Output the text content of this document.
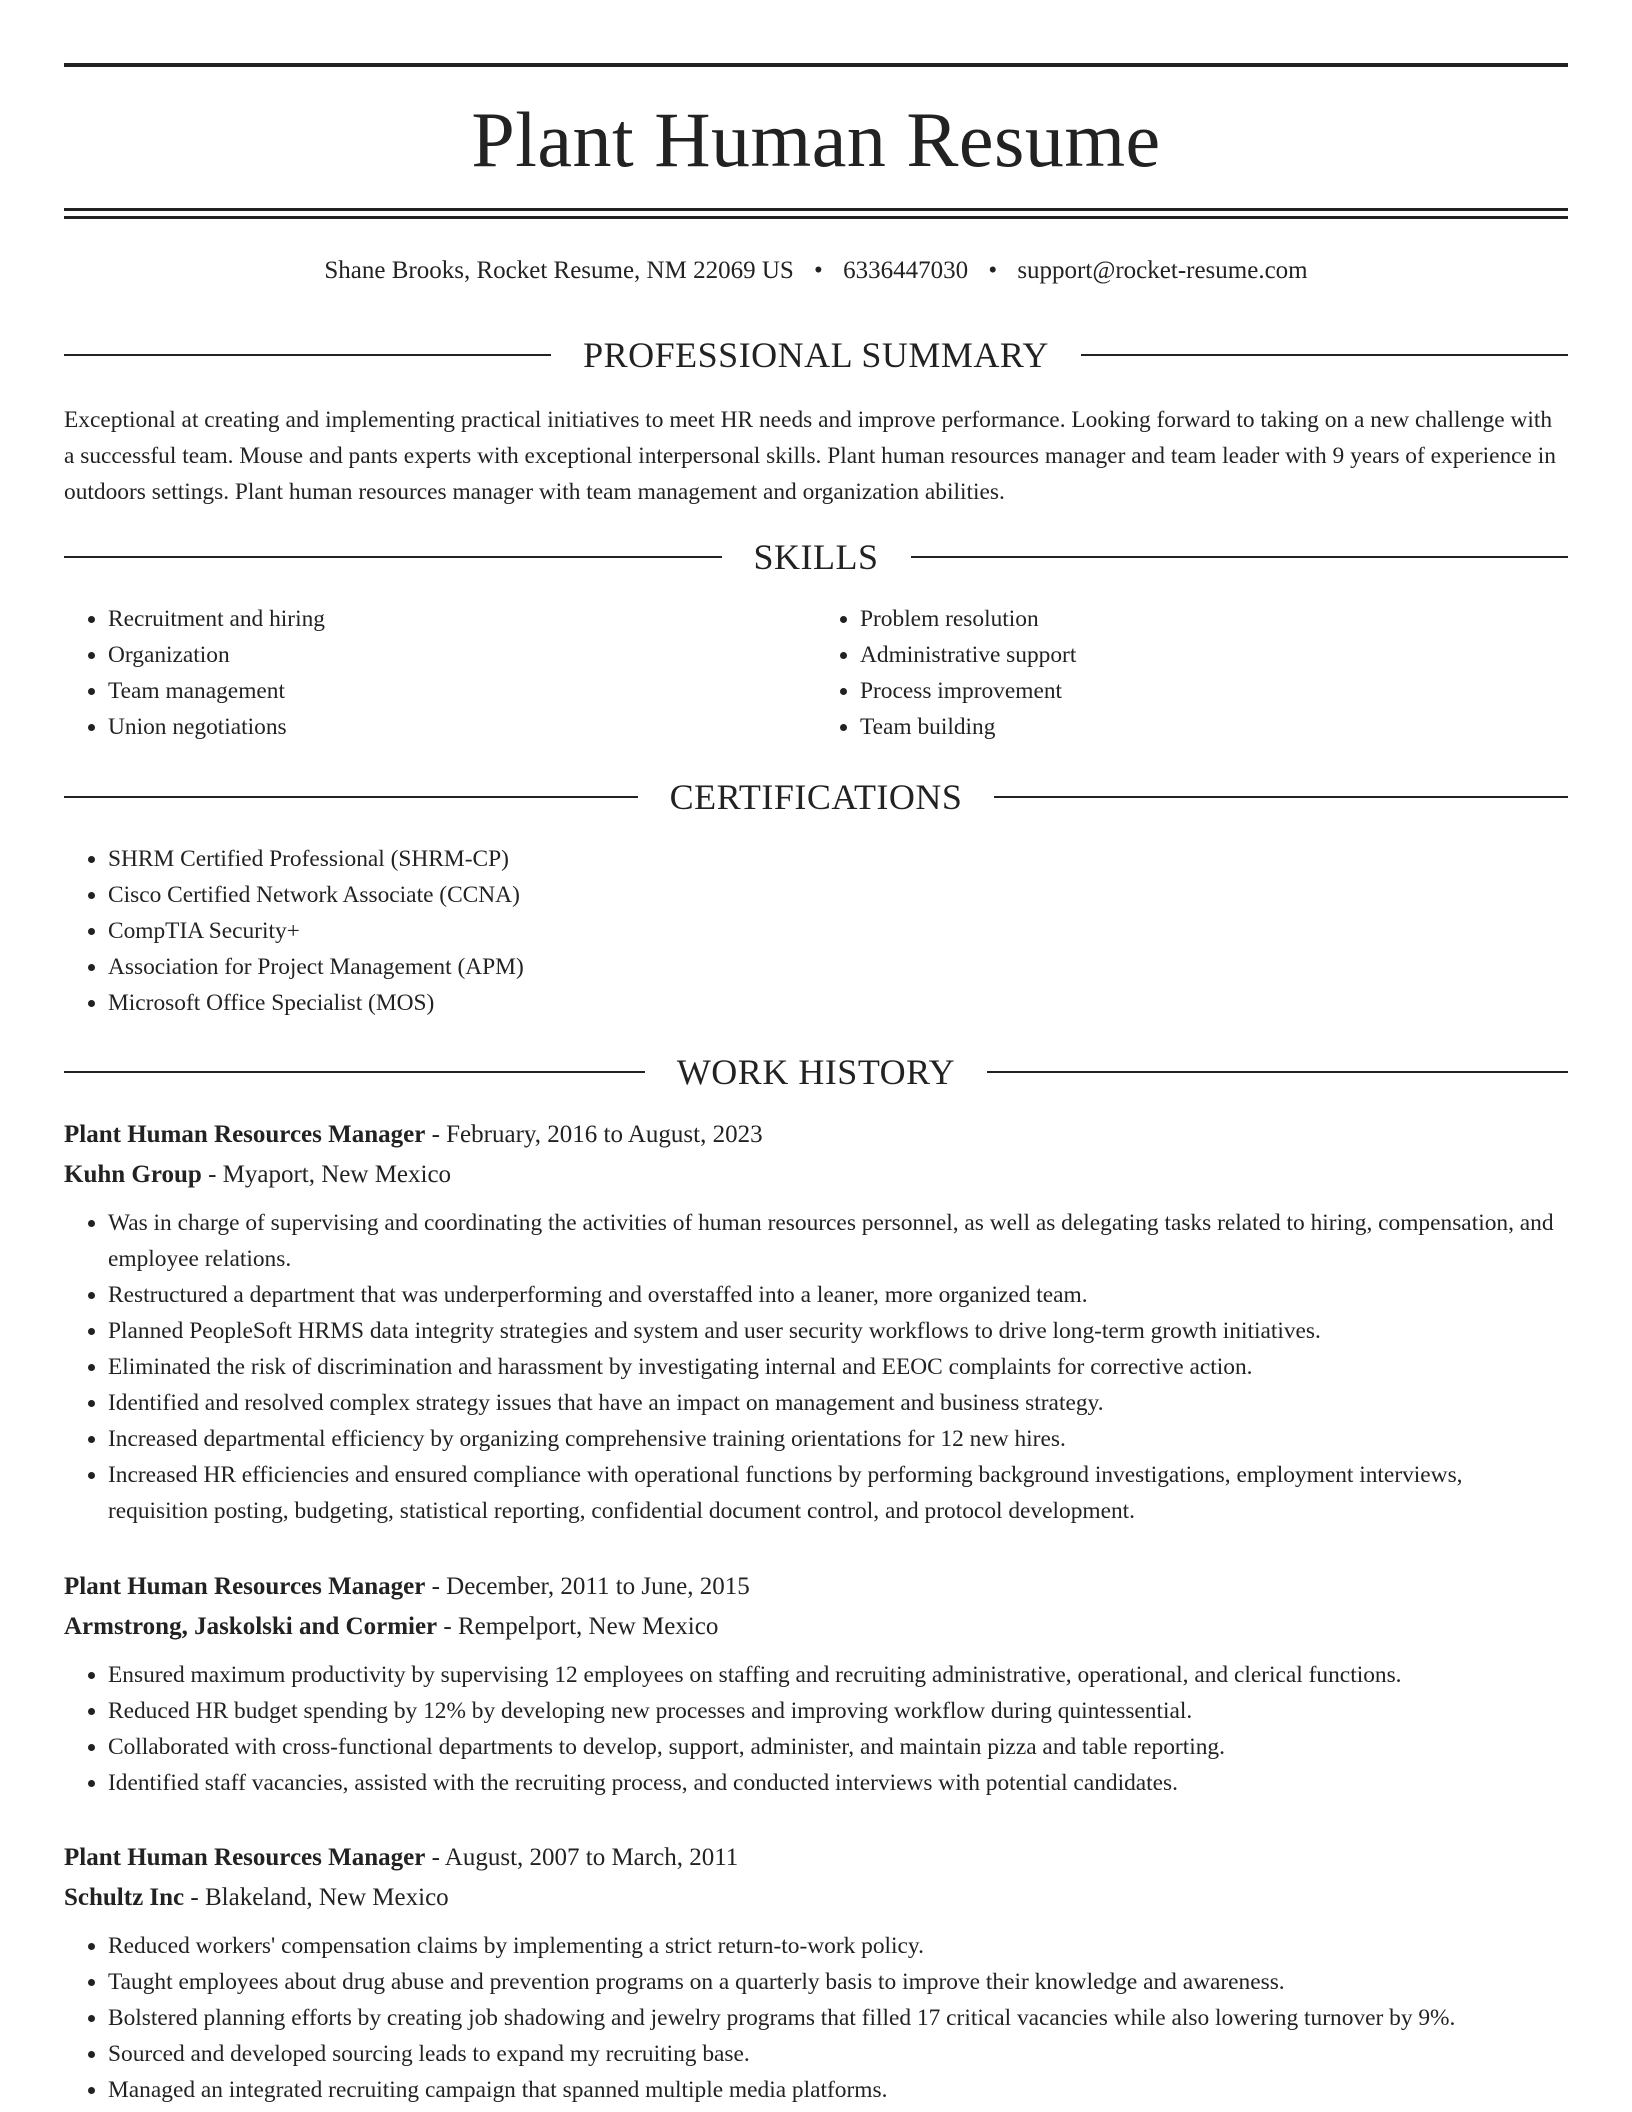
Plant Human Resume
Shane Brooks, Rocket Resume, NM 22069 US • 6336447030 • support@rocket-resume.com
PROFESSIONAL SUMMARY

Exceptional at creating and implementing practical initiatives to meet HR needs and improve performance. Looking forward to taking on a new challenge with a successful team. Mouse and pants experts with exceptional interpersonal skills. Plant human resources manager and team leader with 9 years of experience in outdoors settings. Plant human resources manager with team management and organization abilities.

SKILLS
• Recruitment and hiring
• Organization
• Team management
• Union negotiations
• Problem resolution
• Administrative support
• Process improvement
• Team building
CERTIFICATIONS
• SHRM Certified Professional (SHRM-CP)
• Cisco Certified Network Associate (CCNA)
• CompTIA Security+
• Association for Project Management (APM)
• Microsoft Office Specialist (MOS)
WORK HISTORY
Plant Human Resources Manager - February, 2016 to August, 2023
Kuhn Group - Myaport, New Mexico
• Was in charge of supervising and coordinating the activities of human resources personnel, as well as delegating tasks related to hiring, compensation, and employee relations.
• Restructured a department that was underperforming and overstaffed into a leaner, more organized team.
• Planned PeopleSoft HRMS data integrity strategies and system and user security workflows to drive long-term growth initiatives.
• Eliminated the risk of discrimination and harassment by investigating internal and EEOC complaints for corrective action.
• Identified and resolved complex strategy issues that have an impact on management and business strategy.
• Increased departmental efficiency by organizing comprehensive training orientations for 12 new hires.
• Increased HR efficiencies and ensured compliance with operational functions by performing background investigations, employment interviews, requisition posting, budgeting, statistical reporting, confidential document control, and protocol development.
Plant Human Resources Manager - December, 2011 to June, 2015
Armstrong, Jaskolski and Cormier - Rempelport, New Mexico
• Ensured maximum productivity by supervising 12 employees on staffing and recruiting administrative, operational, and clerical functions.
• Reduced HR budget spending by 12% by developing new processes and improving workflow during quintessential.
• Collaborated with cross-functional departments to develop, support, administer, and maintain pizza and table reporting.
• Identified staff vacancies, assisted with the recruiting process, and conducted interviews with potential candidates.
Plant Human Resources Manager - August, 2007 to March, 2011
Schultz Inc - Blakeland, New Mexico
• Reduced workers' compensation claims by implementing a strict return-to-work policy.
• Taught employees about drug abuse and prevention programs on a quarterly basis to improve their knowledge and awareness.
• Bolstered planning efforts by creating job shadowing and jewelry programs that filled 17 critical vacancies while also lowering turnover by 9%.
• Sourced and developed sourcing leads to expand my recruiting base.
• Managed an integrated recruiting campaign that spanned multiple media platforms.
